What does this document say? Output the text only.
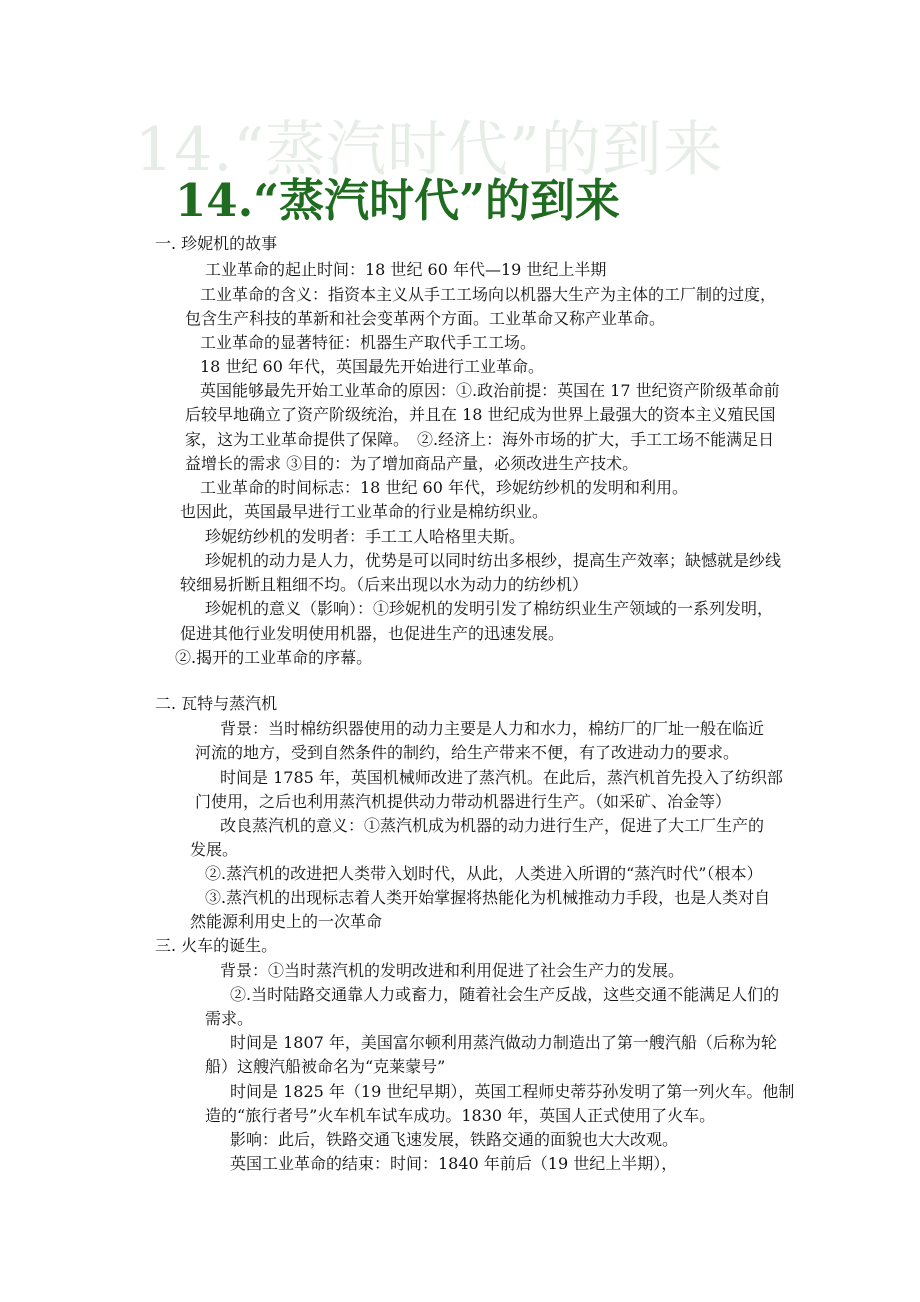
14.“蒸汽时代”的到来
14.“蒸汽时代”的到来
一. 珍妮机的故事
工业革命的起止时间：18 世纪 60 年代—19 世纪上半期
工业革命的含义：指资本主义从手工工场向以机器大生产为主体的工厂制的过度，
包含生产科技的革新和社会变革两个方面。工业革命又称产业革命。
工业革命的显著特征：机器生产取代手工工场。
18 世纪 60 年代，英国最先开始进行工业革命。
英国能够最先开始工业革命的原因：①.政治前提：英国在 17 世纪资产阶级革命前
后较早地确立了资产阶级统治，并且在 18 世纪成为世界上最强大的资本主义殖民国
家，这为工业革命提供了保障。　②.经济上：海外市场的扩大，手工工场不能满足日
益增长的需求 ③目的：为了增加商品产量，必须改进生产技术。
工业革命的时间标志：18 世纪 60 年代，珍妮纺纱机的发明和利用。
也因此，英国最早进行工业革命的行业是棉纺织业。
珍妮纺纱机的发明者：手工工人哈格里夫斯。
珍妮机的动力是人力，优势是可以同时纺出多根纱，提高生产效率；缺憾就是纱线
较细易折断且粗细不均。（后来出现以水为动力的纺纱机）
珍妮机的意义（影响）：①珍妮机的发明引发了棉纺织业生产领域的一系列发明，
促进其他行业发明使用机器，也促进生产的迅速发展。
②.揭开的工业革命的序幕。
二. 瓦特与蒸汽机
背景：当时棉纺织器使用的动力主要是人力和水力，棉纺厂的厂址一般在临近
河流的地方，受到自然条件的制约，给生产带来不便，有了改进动力的要求。
时间是 1785 年，英国机械师改进了蒸汽机。在此后，蒸汽机首先投入了纺织部
门使用，之后也利用蒸汽机提供动力带动机器进行生产。（如采矿、冶金等）
改良蒸汽机的意义：①蒸汽机成为机器的动力进行生产，促进了大工厂生产的
发展。
②.蒸汽机的改进把人类带入划时代，从此，人类进入所谓的“蒸汽时代”（根本）
③.蒸汽机的出现标志着人类开始掌握将热能化为机械推动力手段，也是人类对自
然能源利用史上的一次革命
三. 火车的诞生。
背景：①当时蒸汽机的发明改进和利用促进了社会生产力的发展。
②.当时陆路交通靠人力或畜力，随着社会生产反战，这些交通不能满足人们的
需求。
时间是 1807 年，美国富尔顿利用蒸汽做动力制造出了第一艘汽船（后称为轮
船）这艘汽船被命名为“克莱蒙号”
时间是 1825 年（19 世纪早期），英国工程师史蒂芬孙发明了第一列火车。他制
造的“旅行者号”火车机车试车成功。1830 年，英国人正式使用了火车。
影响：此后，铁路交通飞速发展，铁路交通的面貌也大大改观。
英国工业革命的结束：时间：1840 年前后（19 世纪上半期），
